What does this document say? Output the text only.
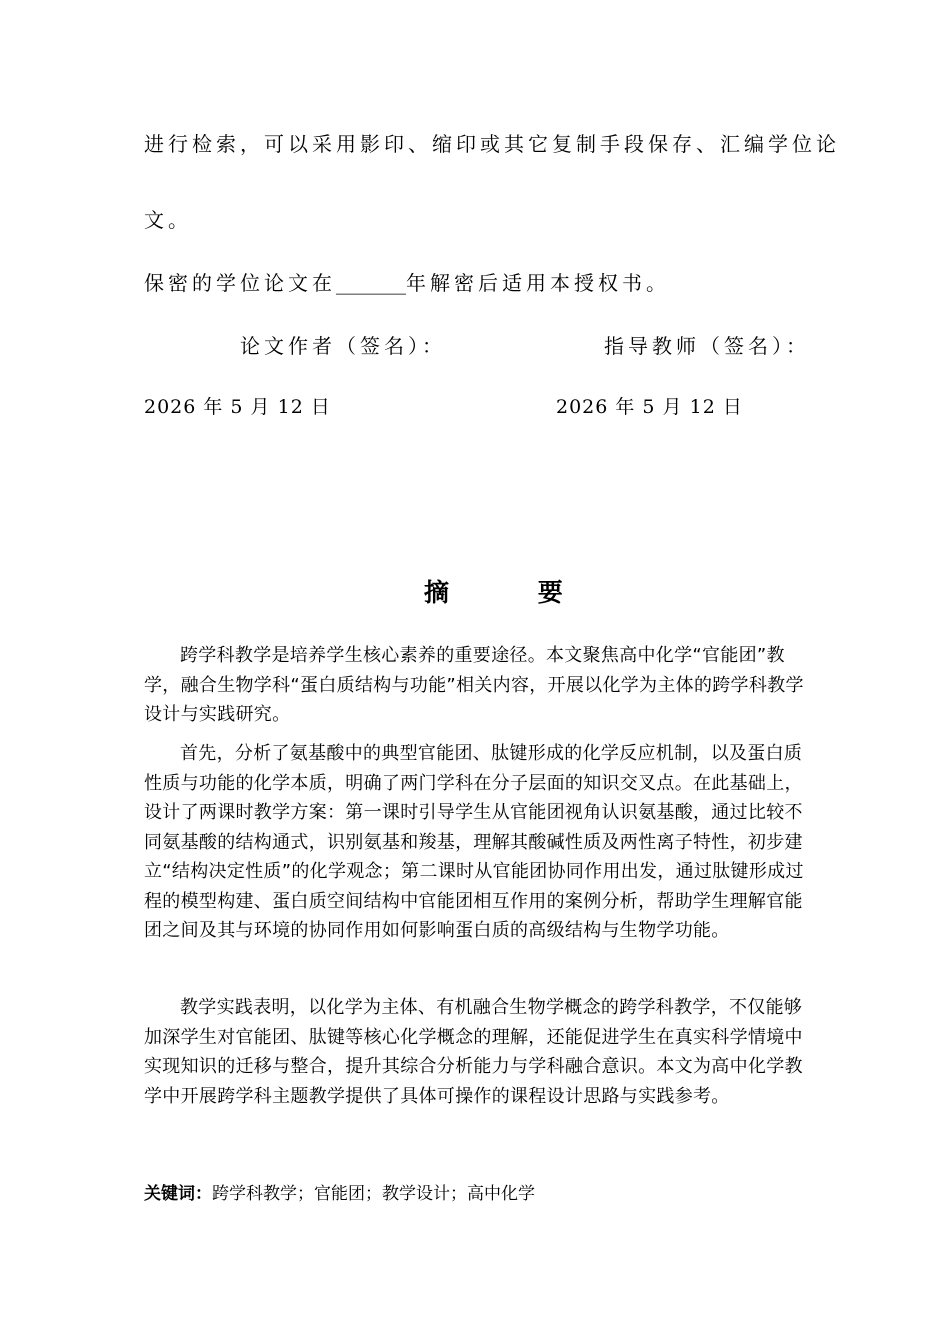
进行检索，可以采用影印、缩印或其它复制手段保存、汇编学位论
文。
保密的学位论文在_______年解密后适用本授权书。
论文作者（签名）：	指导教师（签名）：
2026 年 5 月 12 日	2026 年 5 月 12 日
摘 要

跨学科教学是培养学生核心素养的重要途径。本文聚焦高中化学“官能团”教学，融合生物学科“蛋白质结构与功能”相关内容，开展以化学为主体的跨学科教学设计与实践研究。

首先，分析了氨基酸中的典型官能团、肽键形成的化学反应机制，以及蛋白质性质与功能的化学本质，明确了两门学科在分子层面的知识交叉点。在此基础上，设计了两课时教学方案：第一课时引导学生从官能团视角认识氨基酸，通过比较不同氨基酸的结构通式，识别氨基和羧基，理解其酸碱性质及两性离子特性，初步建立“结构决定性质”的化学观念；第二课时从官能团协同作用出发，通过肽键形成过程的模型构建、蛋白质空间结构中官能团相互作用的案例分析，帮助学生理解官能团之间及其与环境的协同作用如何影响蛋白质的高级结构与生物学功能。

教学实践表明，以化学为主体、有机融合生物学概念的跨学科教学，不仅能够加深学生对官能团、肽键等核心化学概念的理解，还能促进学生在真实科学情境中实现知识的迁移与整合，提升其综合分析能力与学科融合意识。本文为高中化学教学中开展跨学科主题教学提供了具体可操作的课程设计思路与实践参考。

关键词：跨学科教学；官能团；教学设计；高中化学
